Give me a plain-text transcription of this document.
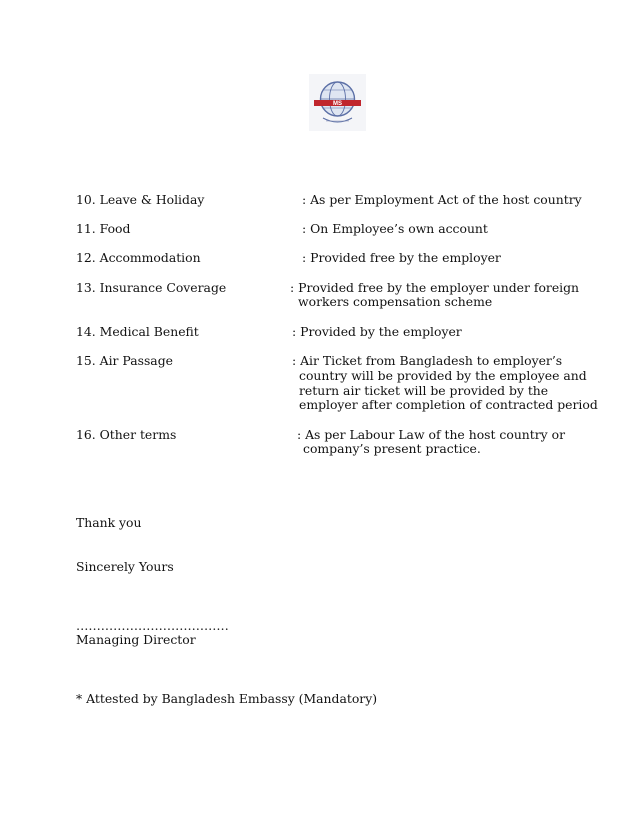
MS
10. Leave & Holiday	: As per Employment Act of the host country
11. Food	: On Employee’s own account
12. Accommodation	: Provided free by the employer
13. Insurance Coverage	: Provided free by the employer under foreign
workers compensation scheme
14. Medical Benefit	: Provided by the employer
15. Air Passage	: Air Ticket from Bangladesh to employer’s
country will be provided by the employee and
return air ticket will be provided by the
employer after completion of contracted period
16. Other terms	: As per Labour Law of the host country or
company’s present practice.
Thank you
Sincerely Yours
……………………………….
Managing Director
* Attested by Bangladesh Embassy (Mandatory)
